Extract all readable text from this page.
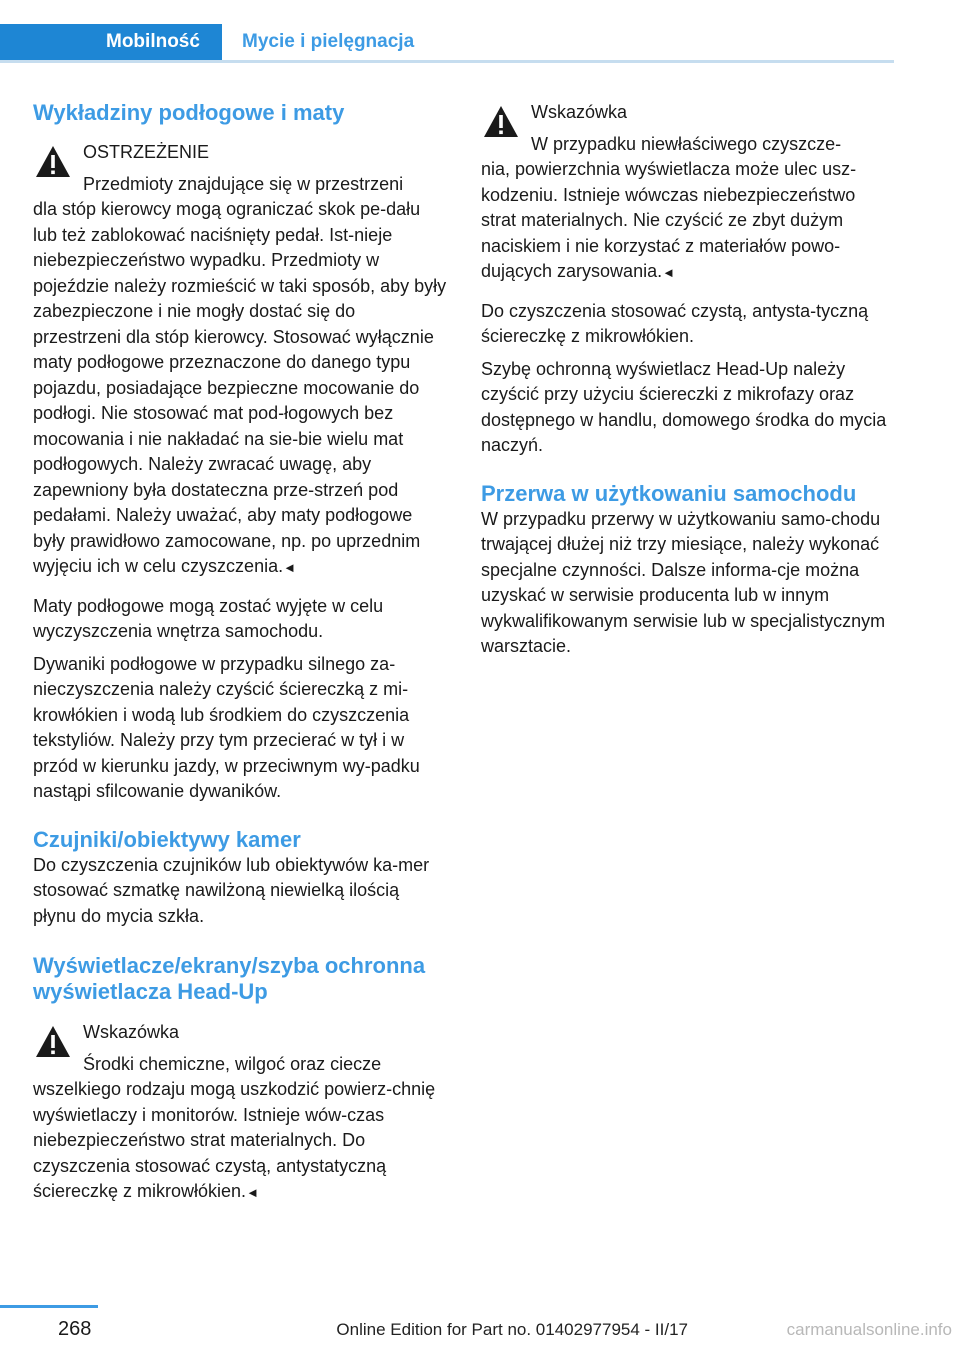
Mobilność	Mycie i pielęgnacja
Wykładziny podłogowe i maty

OSTRZEŻENIE

Przedmioty znajdujące się w przestrzeni

dla stóp kierowcy mogą ograniczać skok pe-dału lub też zablokować naciśnięty pedał. Ist-nieje niebezpieczeństwo wypadku. Przedmioty w pojeździe należy rozmieścić w taki sposób, aby były zabezpieczone i nie mogły dostać się do przestrzeni dla stóp kierowcy. Stosować wyłącznie maty podłogowe przeznaczone do danego typu pojazdu, posiadające bezpieczne mocowanie do podłogi. Nie stosować mat pod-łogowych bez mocowania i nie nakładać na sie-bie wielu mat podłogowych. Należy zwracać uwagę, aby zapewniony była dostateczna prze-strzeń pod pedałami. Należy uważać, aby maty podłogowe były prawidłowo zamocowane, np. po uprzednim wyjęciu ich w celu czyszczenia.◄

Maty podłogowe mogą zostać wyjęte w celu wyczyszczenia wnętrza samochodu.

Dywaniki podłogowe w przypadku silnego za-nieczyszczenia należy czyścić ściereczką z mi-krowłókien i wodą lub środkiem do czyszczenia tekstyliów. Należy przy tym przecierać w tył i w przód w kierunku jazdy, w przeciwnym wy-padku nastąpi sfilcowanie dywaników.

Czujniki/obiektywy kamer

Do czyszczenia czujników lub obiektywów ka-mer stosować szmatkę nawilżoną niewielką ilością płynu do mycia szkła.

Wyświetlacze/ekrany/szyba ochronna wyświetlacza Head-Up

Wskazówka

Środki chemiczne, wilgoć oraz ciecze

wszelkiego rodzaju mogą uszkodzić powierz-chnię wyświetlaczy i monitorów. Istnieje wów-czas niebezpieczeństwo strat materialnych. Do czyszczenia stosować czystą, antystatyczną ściereczkę z mikrowłókien.◄

Wskazówka

W przypadku niewłaściwego czyszcze-

nia, powierzchnia wyświetlacza może ulec usz-kodzeniu. Istnieje wówczas niebezpieczeństwo strat materialnych. Nie czyścić ze zbyt dużym naciskiem i nie korzystać z materiałów powo-dujących zarysowania.◄

Do czyszczenia stosować czystą, antysta-tyczną ściereczkę z mikrowłókien.

Szybę ochronną wyświetlacz Head-Up należy czyścić przy użyciu ściereczki z mikrofazy oraz dostępnego w handlu, domowego środka do mycia naczyń.

Przerwa w użytkowaniu samochodu

W przypadku przerwy w użytkowaniu samo-chodu trwającej dłużej niż trzy miesiące, należy wykonać specjalne czynności. Dalsze informa-cje można uzyskać w serwisie producenta lub w innym wykwalifikowanym serwisie lub w specjalistycznym warsztacie.

268	Online Edition for Part no. 01402977954 - II/17	carmanualsonline.info
